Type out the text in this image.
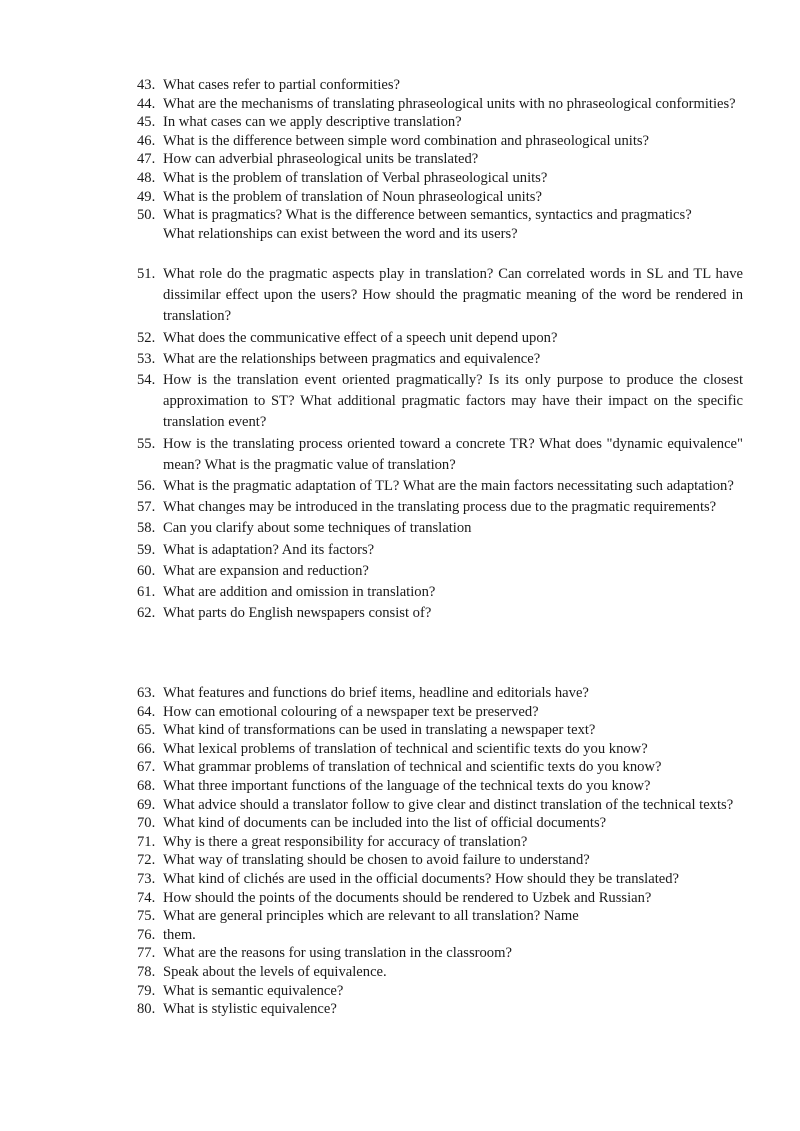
43. What cases refer to partial conformities?
44. What are the mechanisms of translating phraseological units with no phraseological conformities?
45. In what cases can we apply descriptive translation?
46. What is the difference between simple word combination and phraseological units?
47. How can adverbial phraseological units be translated?
48. What is the problem of translation of Verbal phraseological units?
49. What is the problem of translation of Noun phraseological units?
50. What is pragmatics? What is the difference between semantics, syntactics and pragmatics?
What relationships can exist between the word and its users?
51. What role do the pragmatic aspects play in translation? Can correlated words in SL and TL have dissimilar effect upon the users? How should the pragmatic meaning of the word be rendered in translation?
52. What does the communicative effect of a speech unit depend upon?
53. What are the relationships between pragmatics and equivalence?
54. How is the translation event oriented pragmatically? Is its only purpose to produce the closest approximation to ST? What additional pragmatic factors may have their impact on the specific translation event?
55. How is the translating process oriented toward a concrete TR? What does "dynamic equivalence" mean? What is the pragmatic value of translation?
56. What is the pragmatic adaptation of TL? What are the main factors necessitating such adaptation?
57. What changes may be introduced in the translating process due to the pragmatic requirements?
58. Can you clarify about some techniques of translation
59. What is adaptation? And its factors?
60. What are expansion and reduction?
61. What are addition and omission in translation?
62. What parts do English newspapers consist of?
63. What features and functions do brief items, headline and editorials have?
64. How can emotional colouring of a newspaper text be preserved?
65. What kind of transformations can be used in translating a newspaper text?
66. What lexical problems of translation of technical and scientific texts do you know?
67. What grammar problems of translation of technical and scientific texts do you know?
68. What three important functions of the language of the technical texts do you know?
69. What advice should a translator follow to give clear and distinct translation of the technical texts?
70. What kind of documents can be included into the list of official documents?
71. Why is there a great responsibility for accuracy of translation?
72. What way of translating should be chosen to avoid failure to understand?
73. What kind of clichés are used in the official documents? How should they be translated?
74. How should the points of the documents should be rendered to Uzbek and Russian?
75. What are general principles which are relevant to all translation? Name
76. them.
77. What are the reasons for using translation in the classroom?
78. Speak about the levels of equivalence.
79. What is semantic equivalence?
80. What is stylistic equivalence?
